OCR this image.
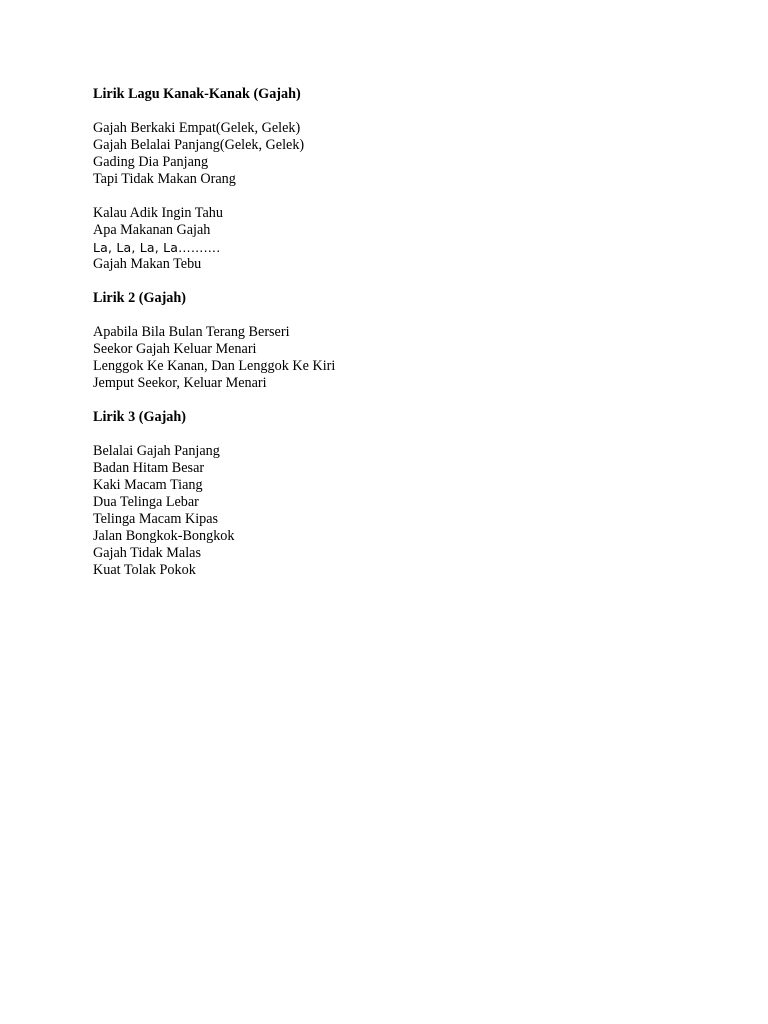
Lirik Lagu Kanak-Kanak (Gajah)

Gajah Berkaki Empat(Gelek, Gelek)

Gajah Belalai Panjang(Gelek, Gelek)

Gading Dia Panjang

Tapi Tidak Makan Orang

Kalau Adik Ingin Tahu

Apa Makanan Gajah

La, La, La, La……….

Gajah Makan Tebu

Lirik 2 (Gajah)

Apabila Bila Bulan Terang Berseri

Seekor Gajah Keluar Menari

Lenggok Ke Kanan, Dan Lenggok Ke Kiri

Jemput Seekor, Keluar Menari

Lirik 3 (Gajah)

Belalai Gajah Panjang

Badan Hitam Besar

Kaki Macam Tiang

Dua Telinga Lebar

Telinga Macam Kipas

Jalan Bongkok-Bongkok

Gajah Tidak Malas

Kuat Tolak Pokok
